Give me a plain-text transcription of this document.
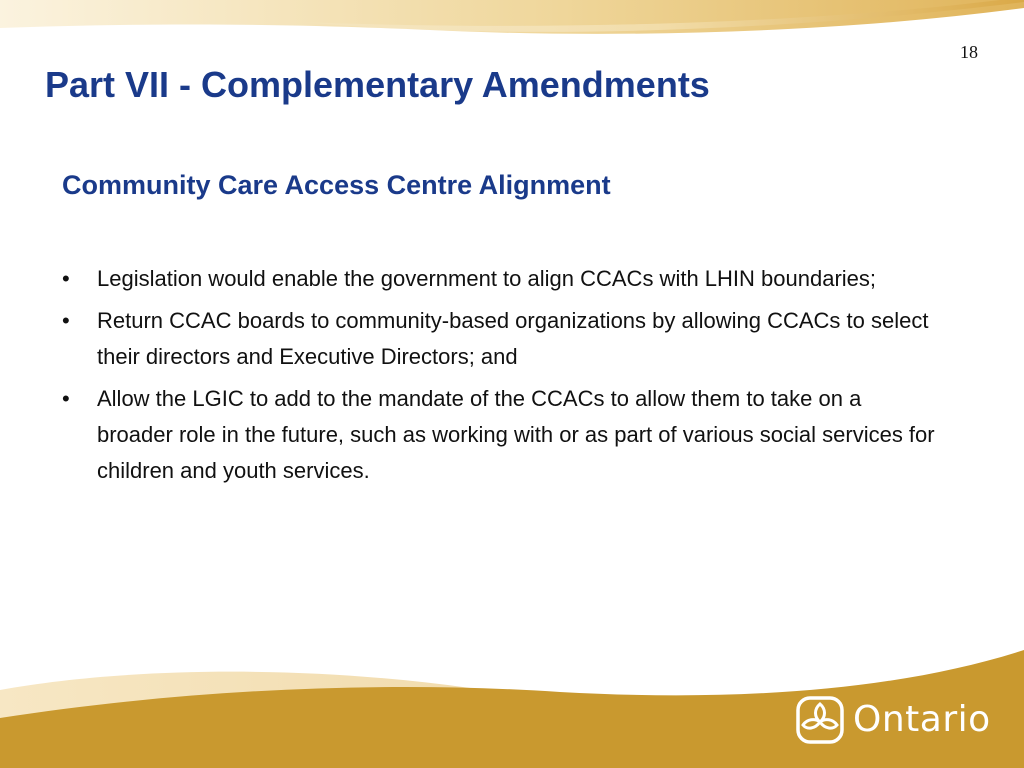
18
Part VII - Complementary Amendments
Community Care Access Centre Alignment
•	Legislation would enable the government to align CCACs with LHIN boundaries;
•	Return CCAC boards to community-based organizations by allowing CCACs to select their directors and Executive Directors; and
•	Allow the LGIC to add to the mandate of the CCACs to allow them to take on a broader role in the future, such as working with or as part of various social services for children and youth services.
Ontario
